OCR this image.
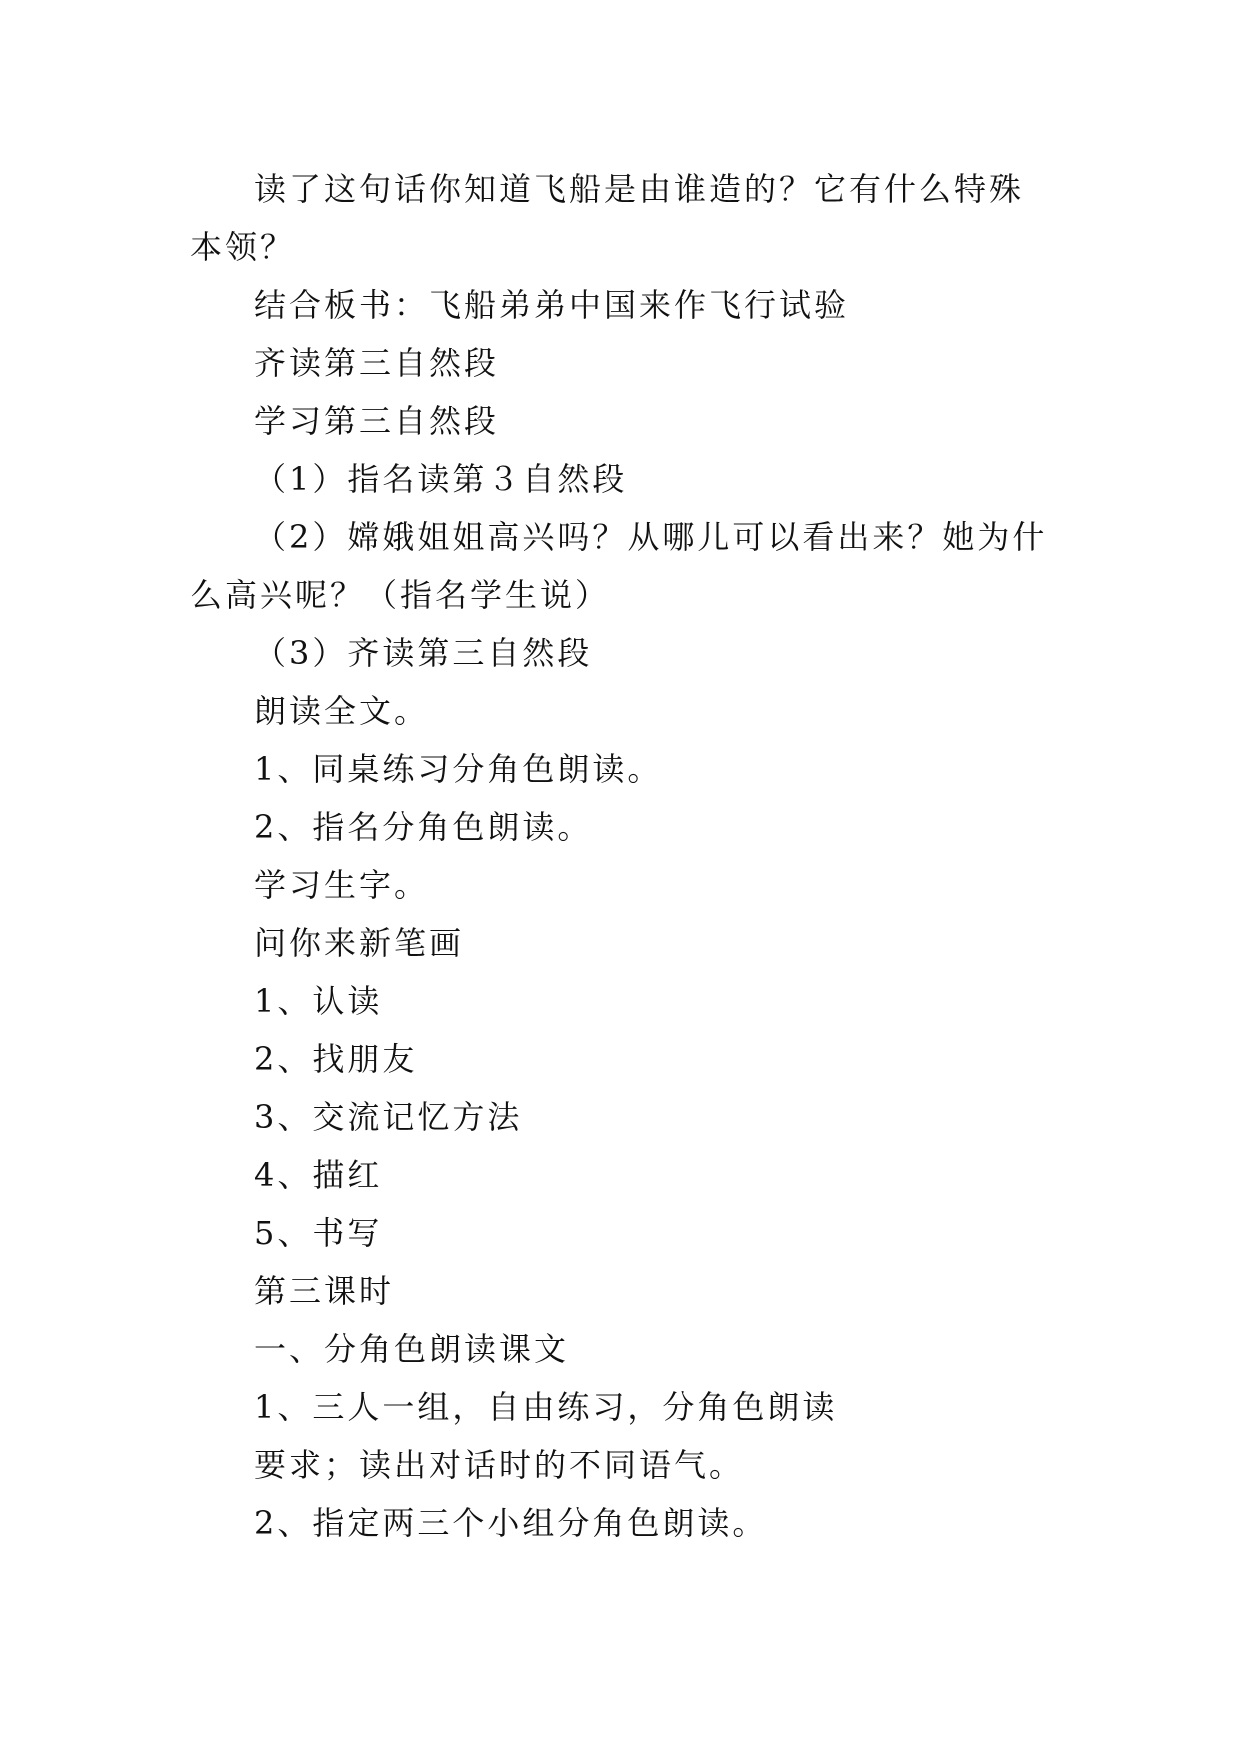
读了这句话你知道飞船是由谁造的？它有什么特殊本领？

结合板书：飞船弟弟中国来作飞行试验

齐读第三自然段

学习第三自然段

（1）指名读第３自然段

（2）嫦娥姐姐高兴吗？从哪儿可以看出来？她为什么高兴呢？（指名学生说）

（3）齐读第三自然段

朗读全文。

1、同桌练习分角色朗读。

2、指名分角色朗读。

学习生字。

问你来新笔画

1、认读

2、找朋友

3、交流记忆方法

4、描红

5、书写

第三课时

一、分角色朗读课文

1、三人一组，自由练习，分角色朗读

要求；读出对话时的不同语气。

2、指定两三个小组分角色朗读。
